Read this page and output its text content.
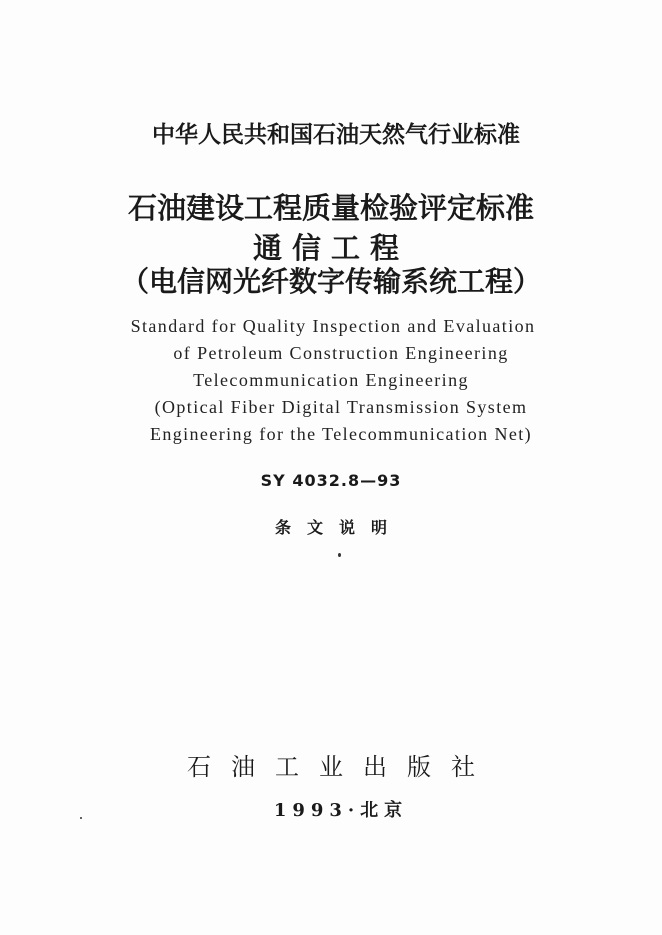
中华人民共和国石油天然气行业标准
石油建设工程质量检验评定标准
通信工程
（电信网光纤数字传输系统工程）
Standard for Quality Inspection and Evaluation
of Petroleum Construction Engineering
Telecommunication Engineering
(Optical Fiber Digital Transmission System
Engineering for the Telecommunication Net)
SY 4032.8—93
条文说明
石油工业出版社
1993·北京
